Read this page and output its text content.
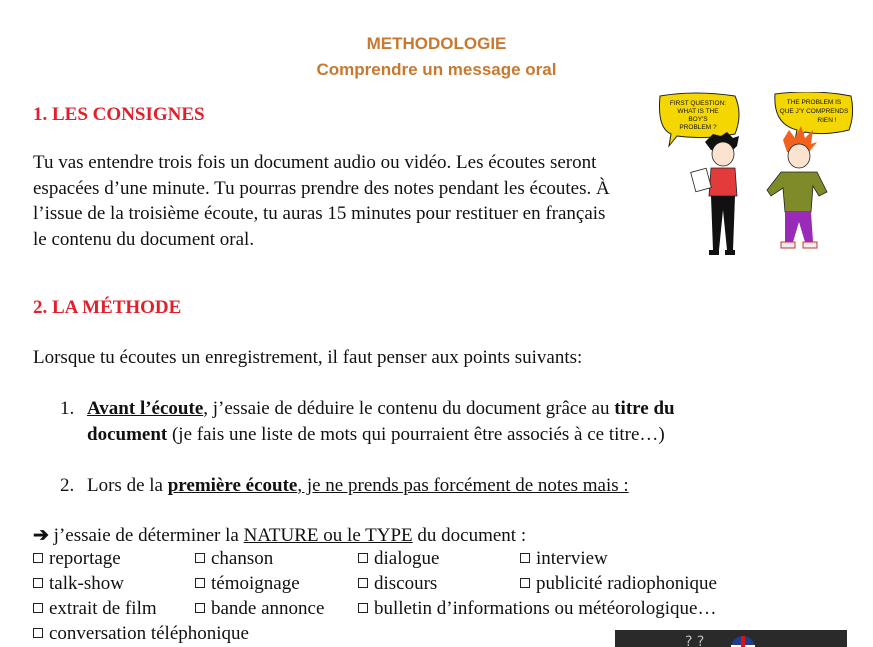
METHODOLOGIE
Comprendre un message oral
1. LES CONSIGNES
Tu vas entendre trois fois un document audio ou vidéo. Les écoutes seront espacées d’une minute. Tu pourras prendre des notes pendant les écoutes. À l’issue de la troisième écoute, tu auras 15 minutes pour restituer en français le contenu du document oral.
FIRST QUESTION:
WHAT IS THE
BOY'S
PROBLEM ?
THE PROBLEM IS
QUE J'Y COMPRENDS
RIEN !
2. LA MÉTHODE
Lorsque tu écoutes un enregistrement, il faut penser aux points suivants:
1. Avant l’écoute, j’essaie de déduire le contenu du document grâce au titre du
document (je fais une liste de mots qui pourraient être associés à ce titre…)
2. Lors de la première écoute, je ne prends pas forcément de notes mais :
➔ j’essaie de déterminer la NATURE ou le TYPE du document :
reportage	chanson	dialogue	interview
talk-show	témoignage	discours	publicité radiophonique
extrait de film	bande annonce	bulletin d’informations ou météorologique…
conversation téléphonique	? ?
